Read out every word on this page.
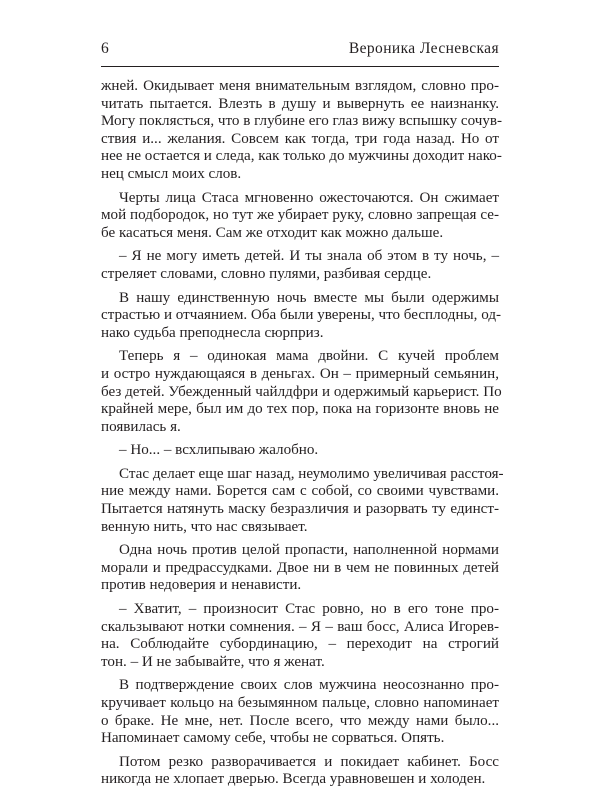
6	Вероника Лесневская
жней. Окидывает меня внимательным взглядом, словно про-
читать пытается. Влезть в душу и вывернуть ее наизнанку.
Могу поклясться, что в глубине его глаз вижу вспышку сочув-
ствия и... желания. Совсем как тогда, три года назад. Но от
нее не остается и следа, как только до мужчины доходит нако-
нец смысл моих слов.
Черты лица Стаса мгновенно ожесточаются. Он сжимает
мой подбородок, но тут же убирает руку, словно запрещая се-
бе касаться меня. Сам же отходит как можно дальше.
– Я не могу иметь детей. И ты знала об этом в ту ночь, –
стреляет словами, словно пулями, разбивая сердце.
В нашу единственную ночь вместе мы были одержимы
страстью и отчаянием. Оба были уверены, что бесплодны, од-
нако судьба преподнесла сюрприз.
Теперь я – одинокая мама двойни. С кучей проблем
и остро нуждающаяся в деньгах. Он – примерный семьянин,
без детей. Убежденный чайлдфри и одержимый карьерист. По
крайней мере, был им до тех пор, пока на горизонте вновь не
появилась я.
– Но... – всхлипываю жалобно.
Стас делает еще шаг назад, неумолимо увеличивая расстоя-
ние между нами. Борется сам с собой, со своими чувствами.
Пытается натянуть маску безразличия и разорвать ту единст-
венную нить, что нас связывает.
Одна ночь против целой пропасти, наполненной нормами
морали и предрассудками. Двое ни в чем не повинных детей
против недоверия и ненависти.
– Хватит, – произносит Стас ровно, но в его тоне про-
скальзывают нотки сомнения. – Я – ваш босс, Алиса Игорев-
на. Соблюдайте субординацию, – переходит на строгий
тон. – И не забывайте, что я женат.
В подтверждение своих слов мужчина неосознанно про-
кручивает кольцо на безымянном пальце, словно напоминает
о браке. Не мне, нет. После всего, что между нами было...
Напоминает самому себе, чтобы не сорваться. Опять.
Потом резко разворачивается и покидает кабинет. Босс
никогда не хлопает дверью. Всегда уравновешен и холоден.
